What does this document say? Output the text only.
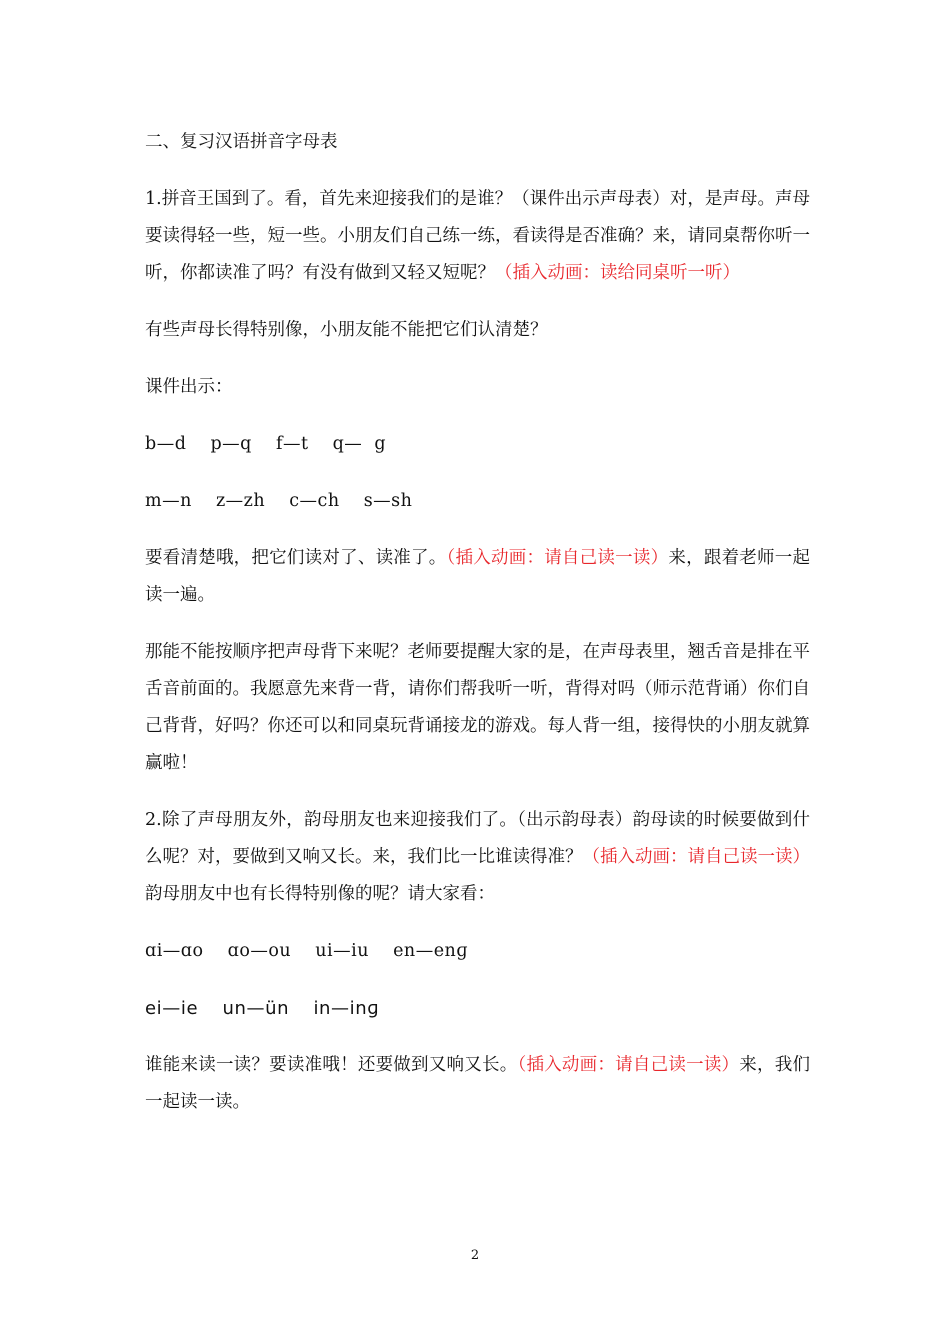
二、复习汉语拼音字母表

1.拼音王国到了。看，首先来迎接我们的是谁？（课件出示声母表）对，是声母。声母要读得轻一些，短一些。小朋友们自己练一练，看读得是否准确？来，请同桌帮你听一听，你都读准了吗？有没有做到又轻又短呢？（插入动画：读给同桌听一听）

有些声母长得特别像，小朋友能不能把它们认清楚？

课件出示：

b—d p—q f—t q—  g

m—n z—zh c—ch s—sh

要看清楚哦，把它们读对了、读准了。（插入动画：请自己读一读）来，跟着老师一起读一遍。

那能不能按顺序把声母背下来呢？老师要提醒大家的是，在声母表里，翘舌音是排在平舌音前面的。我愿意先来背一背，请你们帮我听一听，背得对吗（师示范背诵）你们自己背背，好吗？你还可以和同桌玩背诵接龙的游戏。每人背一组，接得快的小朋友就算赢啦！

2.除了声母朋友外，韵母朋友也来迎接我们了。（出示韵母表）韵母读的时候要做到什么呢？对，要做到又响又长。来，我们比一比谁读得准？（插入动画：请自己读一读）韵母朋友中也有长得特别像的呢？请大家看：

ɑi—ɑo ɑo—ou ui—iu en—enɡ

ei—ie un—ün in—inɡ

谁能来读一读？要读准哦！还要做到又响又长。（插入动画：请自己读一读）来，我们一起读一读。

2
